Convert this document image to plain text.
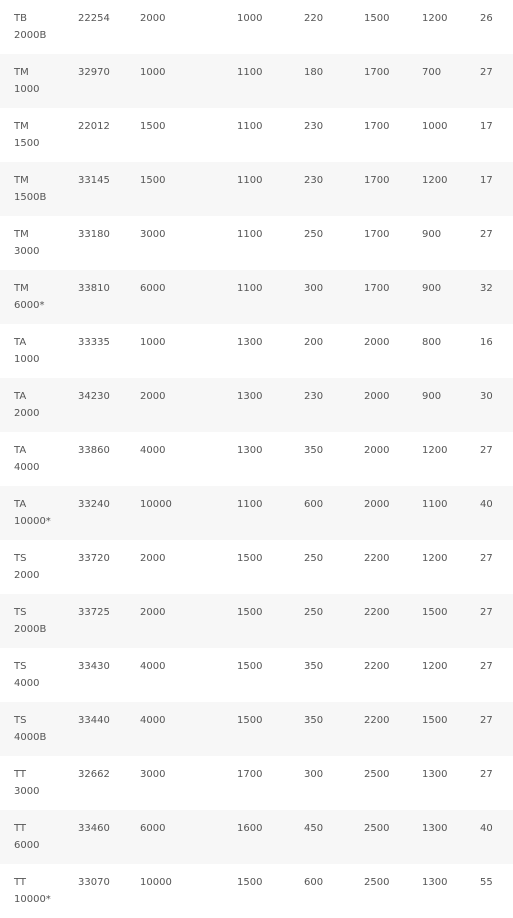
TB
2000B
22254	2000	1000	220	1500	1200	26
TM
1000
32970	1000	1100	180	1700	700	27
TM
1500
22012	1500	1100	230	1700	1000	17
TM
1500B
33145	1500	1100	230	1700	1200	17
TM
3000
33180	3000	1100	250	1700	900	27
TM
6000*
33810	6000	1100	300	1700	900	32
TA
1000
33335	1000	1300	200	2000	800	16
TA
2000
34230	2000	1300	230	2000	900	30
TA
4000
33860	4000	1300	350	2000	1200	27
TA
10000*
33240	10000	1100	600	2000	1100	40
TS
2000
33720	2000	1500	250	2200	1200	27
TS
2000B
33725	2000	1500	250	2200	1500	27
TS
4000
33430	4000	1500	350	2200	1200	27
TS
4000B
33440	4000	1500	350	2200	1500	27
TT
3000
32662	3000	1700	300	2500	1300	27
TT
6000
33460	6000	1600	450	2500	1300	40
TT
10000*
33070	10000	1500	600	2500	1300	55
